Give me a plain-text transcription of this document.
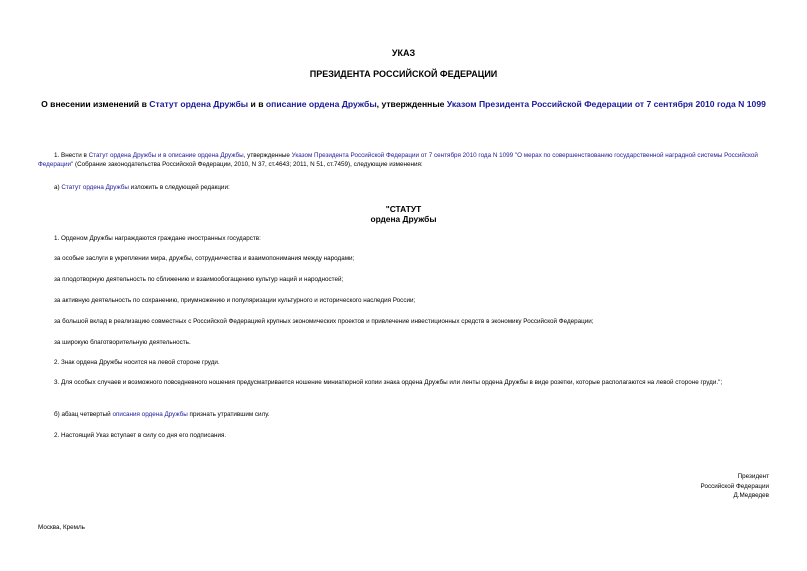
УКАЗ
ПРЕЗИДЕНТА РОССИЙСКОЙ ФЕДЕРАЦИИ
О внесении изменений в Статут ордена Дружбы и в описание ордена Дружбы, утвержденные Указом Президента Российской Федерации от 7 сентября 2010 года N 1099
1. Внести в Статут ордена Дружбы и в описание ордена Дружбы, утвержденные Указом Президента Российской Федерации от 7 сентября 2010 года N 1099 "О мерах по совершенствованию государственной наградной системы Российской Федерации" (Собрание законодательства Российской Федерации, 2010, N 37, ст.4643; 2011, N 51, ст.7459), следующие изменения:
а) Статут ордена Дружбы изложить в следующей редакции:
"СТАТУТ
ордена Дружбы
1. Орденом Дружбы награждаются граждане иностранных государств:
за особые заслуги в укреплении мира, дружбы, сотрудничества и взаимопонимания между народами;
за плодотворную деятельность по сближению и взаимообогащению культур наций и народностей;
за активную деятельность по сохранению, приумножению и популяризации культурного и исторического наследия России;
за большой вклад в реализацию совместных с Российской Федерацией крупных экономических проектов и привлечение инвестиционных средств в экономику Российской Федерации;
за широкую благотворительную деятельность.
2. Знак ордена Дружбы носится на левой стороне груди.
3. Для особых случаев и возможного повседневного ношения предусматривается ношение миниатюрной копии знака ордена Дружбы или ленты ордена Дружбы в виде розетки, которые располагаются на левой стороне груди.";
б) абзац четвертый описания ордена Дружбы признать утратившим силу.
2. Настоящий Указ вступает в силу со дня его подписания.
Президент
Российской Федерации
Д.Медведев
Москва, Кремль
